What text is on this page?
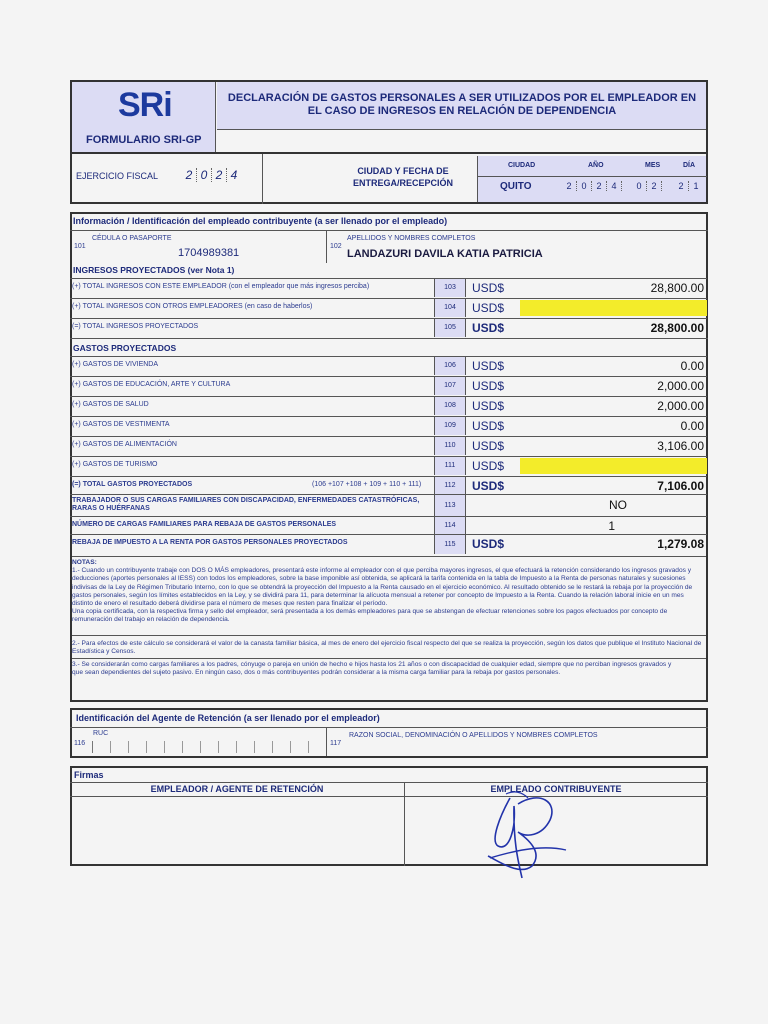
SRi
FORMULARIO SRI-GP
DECLARACIÓN DE GASTOS PERSONALES A SER UTILIZADOS POR EL EMPLEADOR EN EL CASO DE INGRESOS EN RELACIÓN DE DEPENDENCIA
EJERCICIO FISCAL	2 0 2 4	CIUDAD Y FECHA DE ENTREGA/RECEPCIÓN
CIUDAD	AÑO	MES	DÍA
QUITO	2 0 2 4	0 2	2 1
Información / Identificación del empleado contribuyente (a ser llenado por el empleado)
101
CÉDULA O PASAPORTE
1704989381
102
APELLIDOS Y NOMBRES COMPLETOS
LANDAZURI DAVILA KATIA PATRICIA
INGRESOS PROYECTADOS (ver Nota 1)
(+) TOTAL INGRESOS CON ESTE EMPLEADOR (con el empleador que más ingresos perciba)	103	USD$	28,800.00
(+) TOTAL INGRESOS CON OTROS EMPLEADORES (en caso de haberlos)	104	USD$
(=) TOTAL INGRESOS PROYECTADOS	105	USD$	28,800.00
GASTOS PROYECTADOS
(+) GASTOS DE VIVIENDA	106	USD$	0.00
(+) GASTOS DE EDUCACIÓN, ARTE Y CULTURA	107	USD$	2,000.00
(+) GASTOS DE SALUD	108	USD$	2,000.00
(+) GASTOS DE VESTIMENTA	109	USD$	0.00
(+) GASTOS DE ALIMENTACIÓN	110	USD$	3,106.00
(+) GASTOS DE TURISMO	111	USD$
(=) TOTAL GASTOS PROYECTADOS	(106 +107 +108 + 109 + 110 + 111)	112	USD$	7,106.00
TRABAJADOR O SUS CARGAS FAMILIARES CON DISCAPACIDAD, ENFERMEDADES CATASTRÓFICAS, RARAS O HUÉRFANAS	113	NO
NÚMERO DE CARGAS FAMILIARES PARA REBAJA DE GASTOS PERSONALES	114	1
REBAJA DE IMPUESTO A LA RENTA POR GASTOS PERSONALES PROYECTADOS	115	USD$	1,279.08

NOTAS:

1.- Cuando un contribuyente trabaje con DOS O MÁS empleadores, presentará este informe al empleador con el que perciba mayores ingresos, el que efectuará la retención considerando los ingresos gravados y deducciones (aportes personales al IESS) con todos los empleadores, sobre la base imponible así obtenida, se aplicará la tarifa contenida en la tabla de Impuesto a la Renta de personas naturales y sucesiones indivisas de la Ley de Régimen Tributario Interno, con lo que se obtendrá la proyección del Impuesto a la Renta causado en el ejercicio económico. Al resultado obtenido se le restará la rebaja por la proyección de gastos personales, según los límites establecidos en la Ley, y se dividirá para 11, para determinar la alícuota mensual a retener por concepto de Impuesto a la Renta. Cuando la relación laboral inicie en un mes distinto de enero el resultado deberá dividirse para el número de meses que resten para finalizar el período.

Una copia certificada, con la respectiva firma y sello del empleador, será presentada a los demás empleadores para que se abstengan de efectuar retenciones sobre los pagos efectuados por concepto de remuneración del trabajo en relación de dependencia.

2.- Para efectos de este cálculo se considerará el valor de la canasta familiar básica, al mes de enero del ejercicio fiscal respecto del que se realiza la proyección, según los datos que publique el Instituto Nacional de Estadística y Censos.

3.- Se considerarán como cargas familiares a los padres, cónyuge o pareja en unión de hecho e hijos hasta los 21 años o con discapacidad de cualquier edad, siempre que no perciban ingresos gravados y

que sean dependientes del sujeto pasivo. En ningún caso, dos o más contribuyentes podrán considerar a la misma carga familiar para la rebaja por gastos personales.

Identificación del Agente de Retención (a ser llenado por el empleador)
116
RUC
117
RAZON SOCIAL, DENOMINACIÓN O APELLIDOS Y NOMBRES COMPLETOS
Firmas
EMPLEADOR / AGENTE DE RETENCIÓN	EMPLEADO CONTRIBUYENTE
